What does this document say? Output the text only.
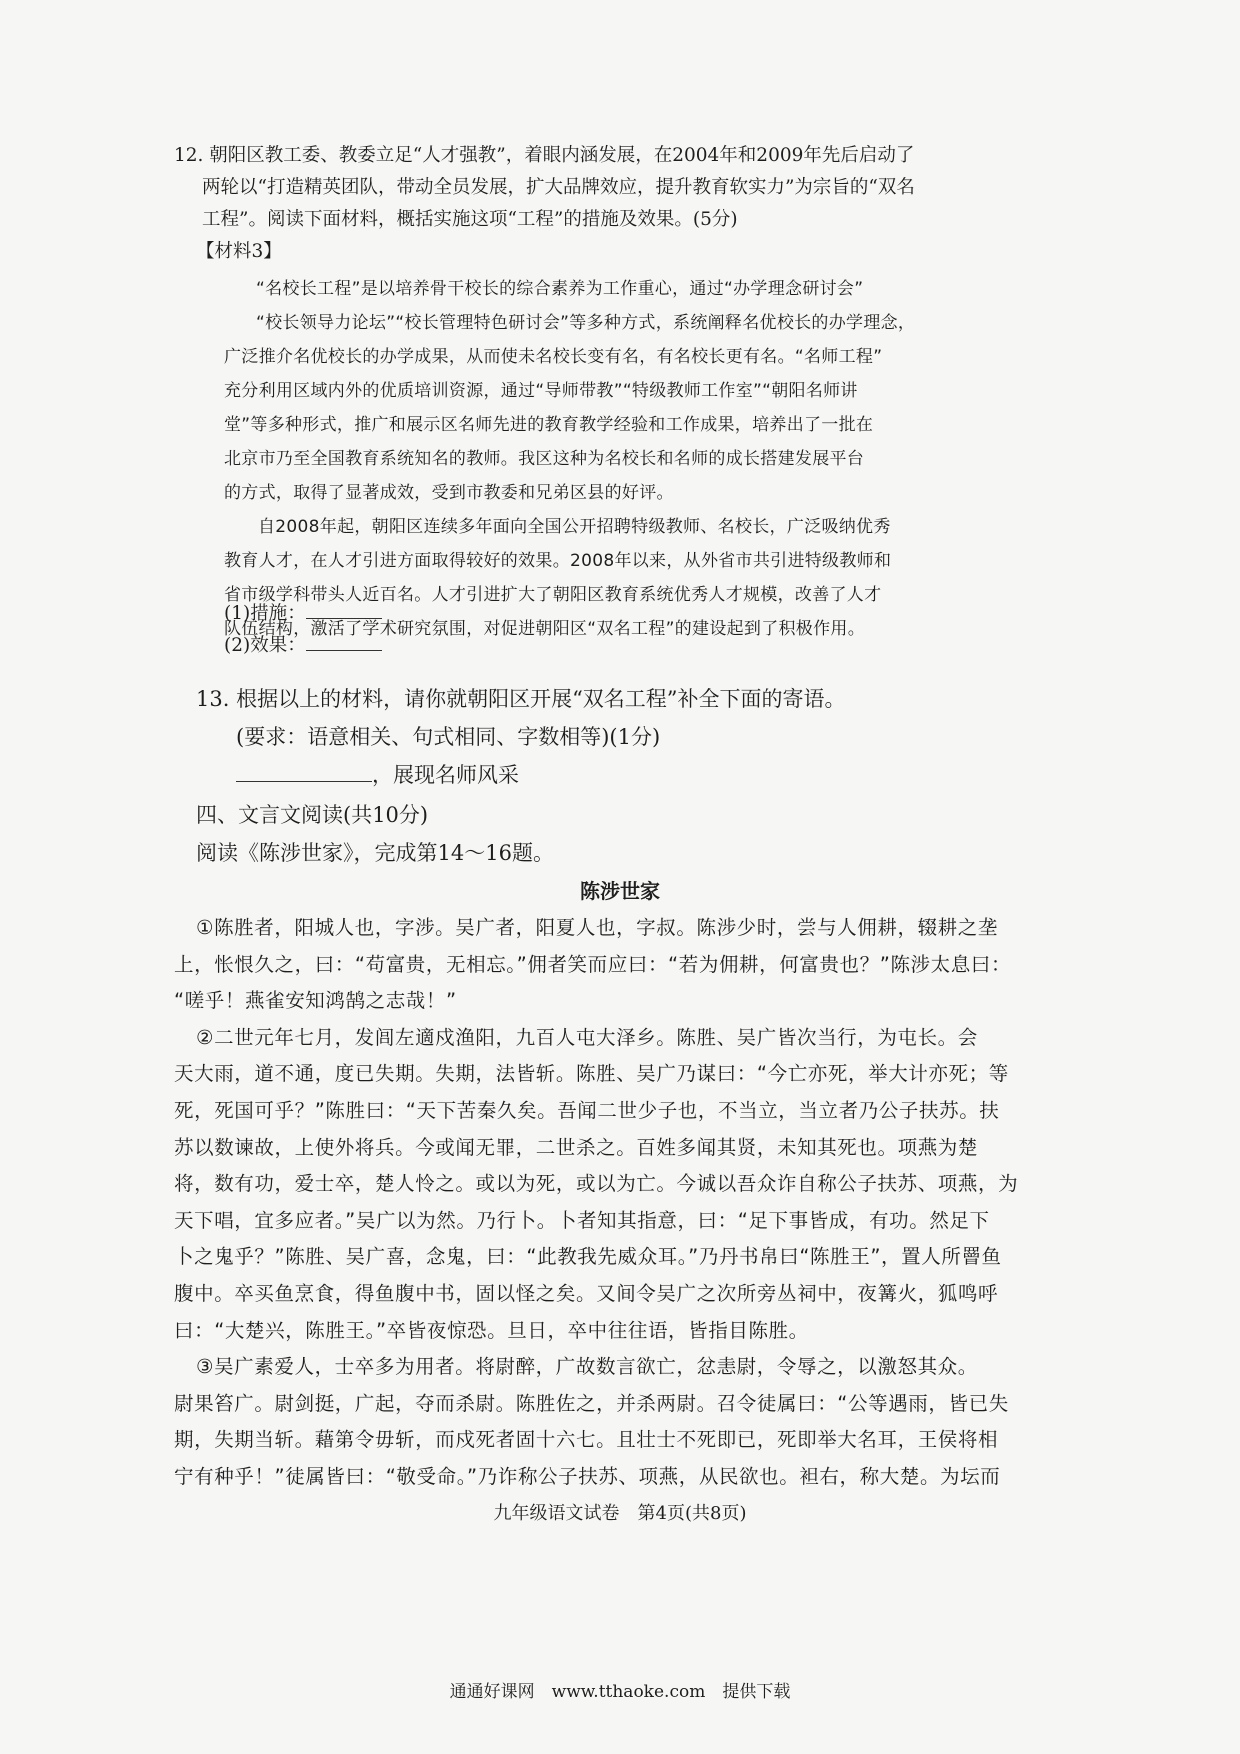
12. 朝阳区教工委、教委立足“人才强教”，着眼内涵发展，在2004年和2009年先后启动了
两轮以“打造精英团队，带动全员发展，扩大品牌效应，提升教育软实力”为宗旨的“双名
工程”。阅读下面材料，概括实施这项“工程”的措施及效果。(5分)
【材料3】
“名校长工程”是以培养骨干校长的综合素养为工作重心，通过“办学理念研讨会”
“校长领导力论坛”“校长管理特色研讨会”等多种方式，系统阐释名优校长的办学理念，
广泛推介名优校长的办学成果，从而使未名校长变有名，有名校长更有名。“名师工程”
充分利用区域内外的优质培训资源，通过“导师带教”“特级教师工作室”“朝阳名师讲
堂”等多种形式，推广和展示区名师先进的教育教学经验和工作成果，培养出了一批在
北京市乃至全国教育系统知名的教师。我区这种为名校长和名师的成长搭建发展平台
的方式，取得了显著成效，受到市教委和兄弟区县的好评。
自2008年起，朝阳区连续多年面向全国公开招聘特级教师、名校长，广泛吸纳优秀
教育人才，在人才引进方面取得较好的效果。2008年以来，从外省市共引进特级教师和
省市级学科带头人近百名。人才引进扩大了朝阳区教育系统优秀人才规模，改善了人才
队伍结构，激活了学术研究氛围，对促进朝阳区“双名工程”的建设起到了积极作用。
(1)措施：
(2)效果：
13. 根据以上的材料，请你就朝阳区开展“双名工程”补全下面的寄语。
(要求：语意相关、句式相同、字数相等)(1分)
，展现名师风采
四、文言文阅读(共10分)
阅读《陈涉世家》，完成第14～16题。
陈涉世家
①陈胜者，阳城人也，字涉。吴广者，阳夏人也，字叔。陈涉少时，尝与人佣耕，辍耕之垄
上，怅恨久之，曰：“苟富贵，无相忘。”佣者笑而应曰：“若为佣耕，何富贵也？”陈涉太息曰：
“嗟乎！燕雀安知鸿鹄之志哉！”
②二世元年七月，发闾左適戍渔阳，九百人屯大泽乡。陈胜、吴广皆次当行，为屯长。会
天大雨，道不通，度已失期。失期，法皆斩。陈胜、吴广乃谋曰：“今亡亦死，举大计亦死；等
死，死国可乎？”陈胜曰：“天下苦秦久矣。吾闻二世少子也，不当立，当立者乃公子扶苏。扶
苏以数谏故，上使外将兵。今或闻无罪，二世杀之。百姓多闻其贤，未知其死也。项燕为楚
将，数有功，爱士卒，楚人怜之。或以为死，或以为亡。今诚以吾众诈自称公子扶苏、项燕，为
天下唱，宜多应者。”吴广以为然。乃行卜。卜者知其指意，曰：“足下事皆成，有功。然足下
卜之鬼乎？”陈胜、吴广喜，念鬼，曰：“此教我先威众耳。”乃丹书帛曰“陈胜王”，置人所罾鱼
腹中。卒买鱼烹食，得鱼腹中书，固以怪之矣。又间令吴广之次所旁丛祠中，夜篝火，狐鸣呼
曰：“大楚兴，陈胜王。”卒皆夜惊恐。旦日，卒中往往语，皆指目陈胜。
③吴广素爱人，士卒多为用者。将尉醉，广故数言欲亡，忿恚尉，令辱之，以激怒其众。
尉果笞广。尉剑挺，广起，夺而杀尉。陈胜佐之，并杀两尉。召令徒属曰：“公等遇雨，皆已失
期，失期当斩。藉第令毋斩，而戍死者固十六七。且壮士不死即已，死即举大名耳，王侯将相
宁有种乎！”徒属皆曰：“敬受命。”乃诈称公子扶苏、项燕，从民欲也。袒右，称大楚。为坛而
九年级语文试卷　第4页(共8页)
通通好课网　www.tthaoke.com　提供下载
